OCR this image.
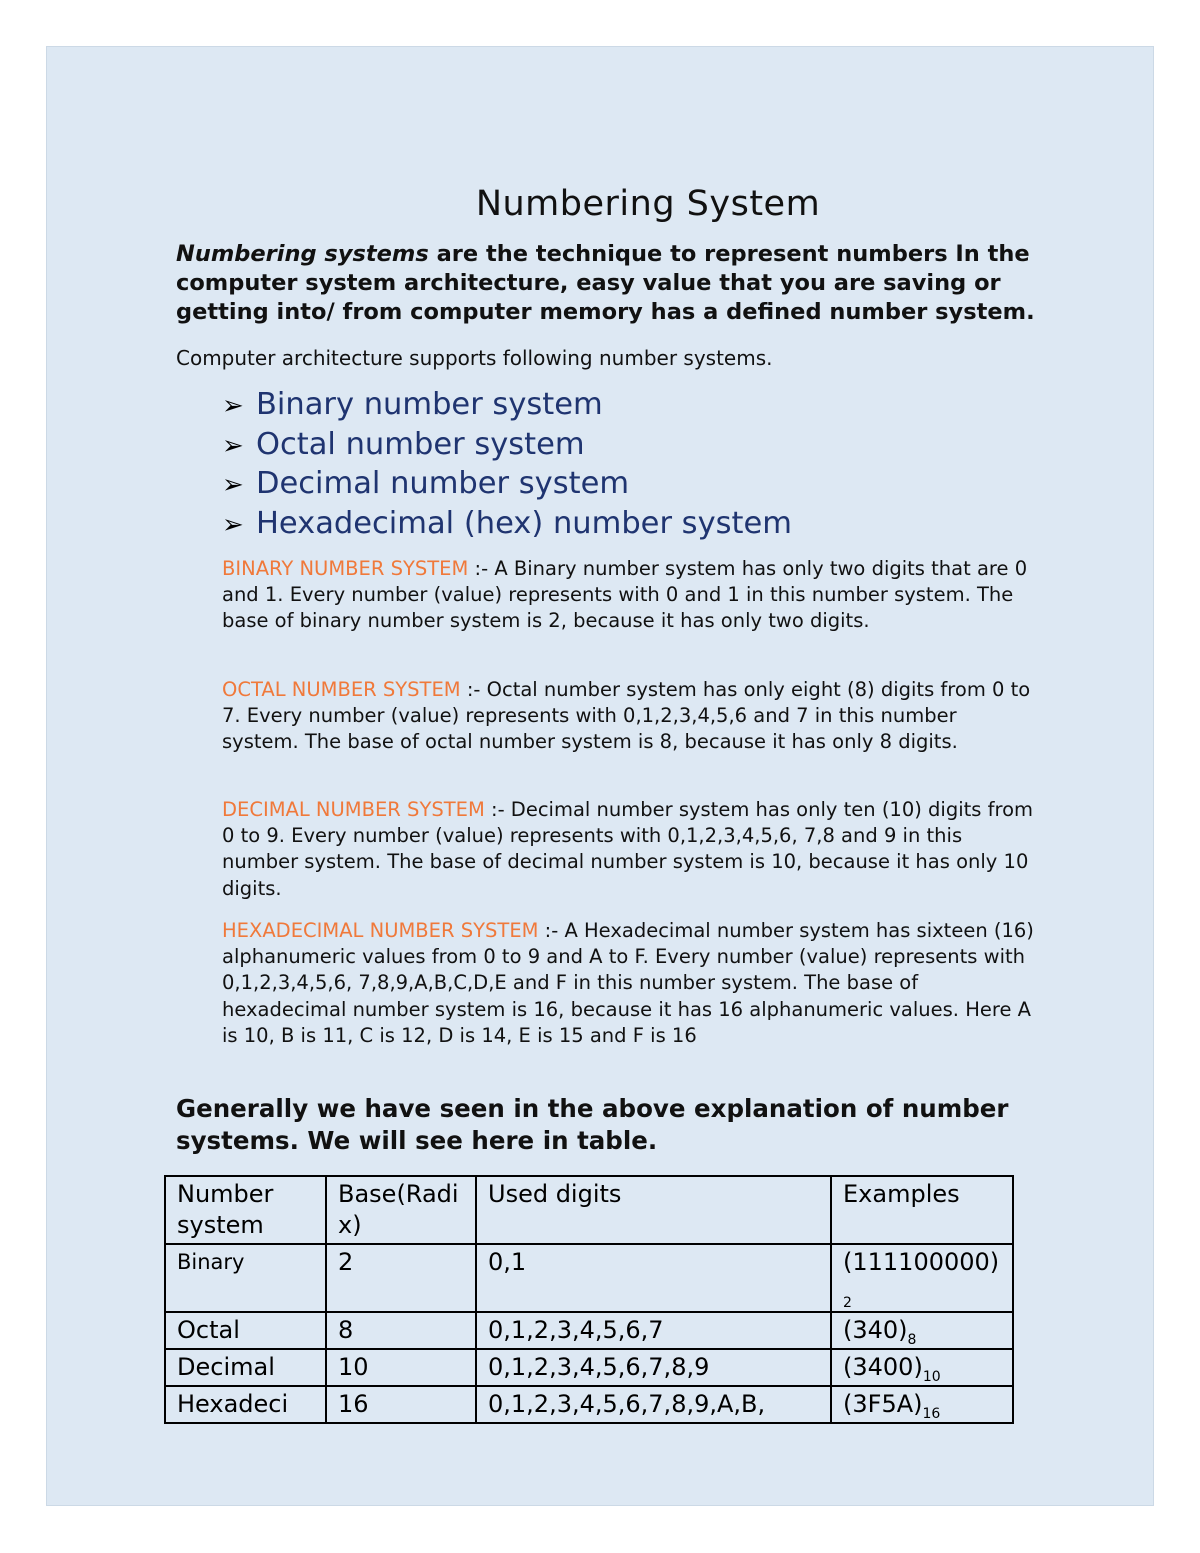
Numbering System
Numbering systems are the technique to represent numbers In the computer system architecture, easy value that you are saving or getting into/ from computer memory has a defined number system.
Computer architecture supports following number systems.
➢ Binary number system
➢ Octal number system
➢ Decimal number system
➢ Hexadecimal (hex) number system
BINARY NUMBER SYSTEM :- A Binary number system has only two digits that are 0 and 1. Every number (value) represents with 0 and 1 in this number system. The base of binary number system is 2, because it has only two digits.
OCTAL NUMBER SYSTEM :- Octal number system has only eight (8) digits from 0 to 7. Every number (value) represents with 0,1,2,3,4,5,6 and 7 in this number system. The base of octal number system is 8, because it has only 8 digits.
DECIMAL NUMBER SYSTEM :- Decimal number system has only ten (10) digits from 0 to 9. Every number (value) represents with 0,1,2,3,4,5,6, 7,8 and 9 in this number system. The base of decimal number system is 10, because it has only 10 digits.
HEXADECIMAL NUMBER SYSTEM :- A Hexadecimal number system has sixteen (16) alphanumeric values from 0 to 9 and A to F. Every number (value) represents with 0,1,2,3,4,5,6, 7,8,9,A,B,C,D,E and F in this number system. The base of hexadecimal number system is 16, because it has 16 alphanumeric values. Here A is 10, B is 11, C is 12, D is 14, E is 15 and F is 16
Generally we have seen in the above explanation of number systems. We will see here in table.
Number system	Base(Radix)	Used digits	Examples
Binary	2	0,1	$(111100000)_2$
Octal	8	0,1,2,3,4,5,6,7	$(340)_8$
Decimal	10	0,1,2,3,4,5,6,7,8,9	$(3400)_{10}$
Hexadeci	16	0,1,2,3,4,5,6,7,8,9,A,B,	$(3F5A)_{16}$
